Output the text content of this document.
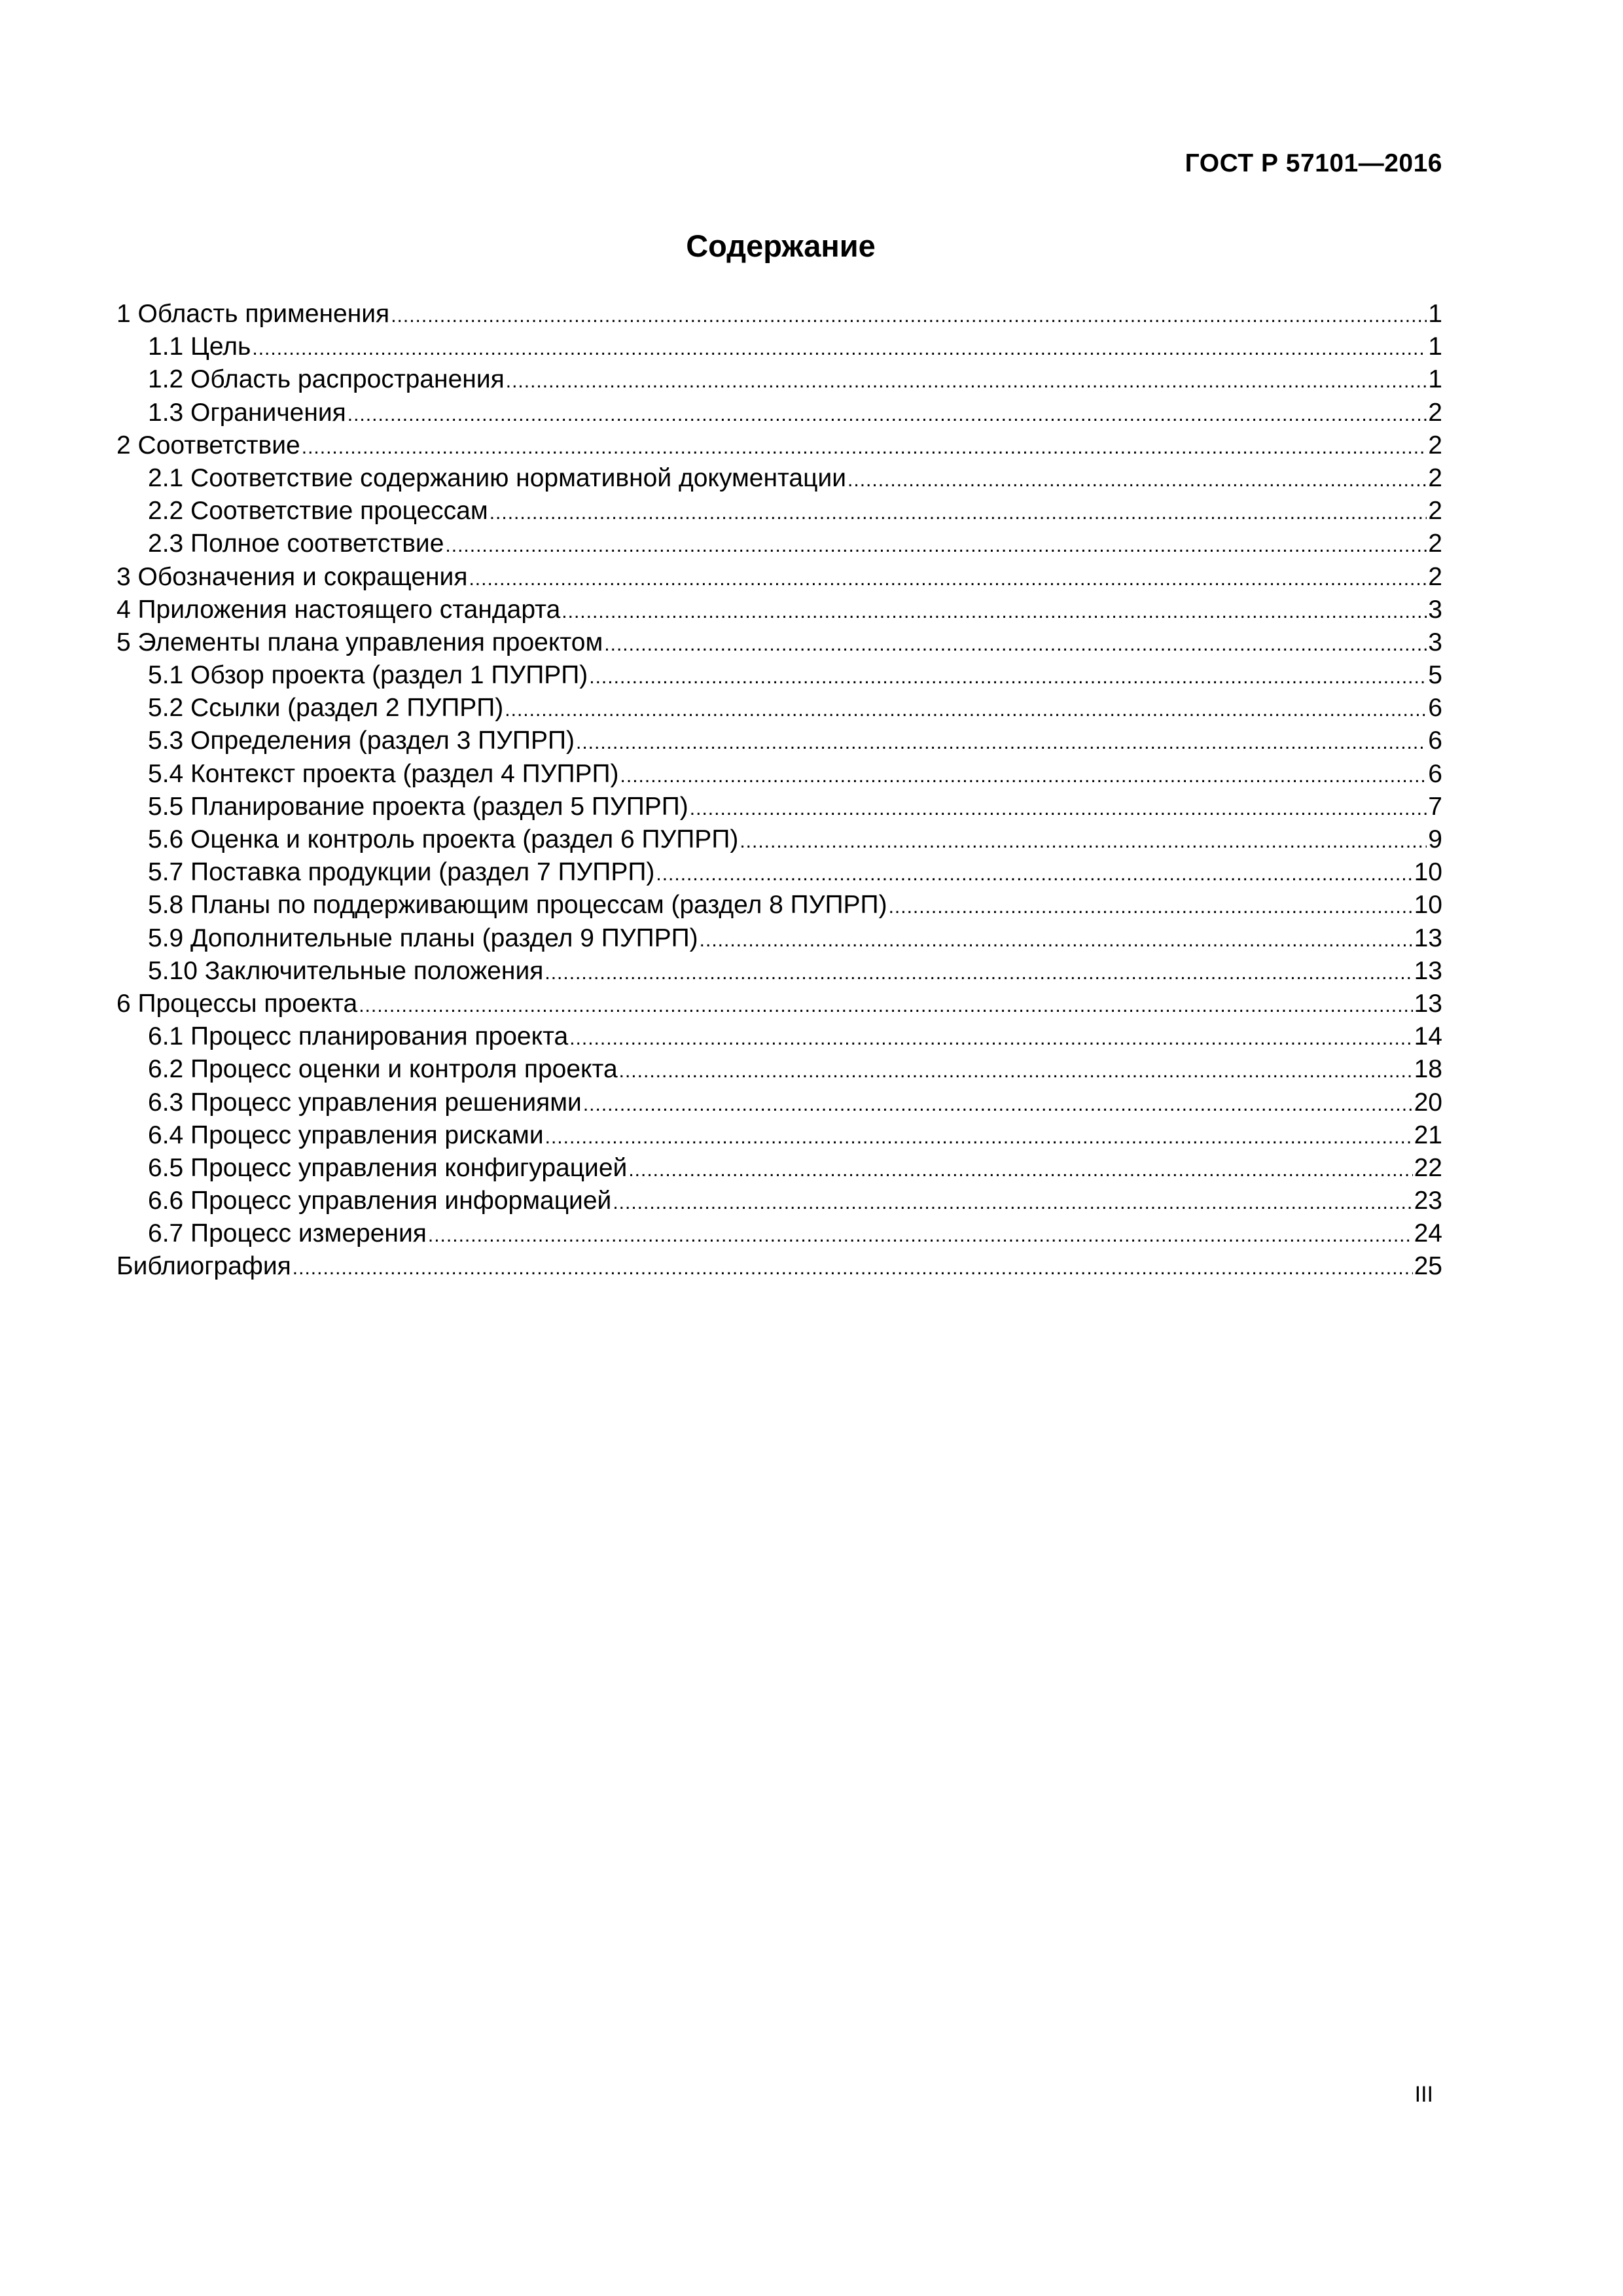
ГОСТ Р 57101—2016
Содержание
1 Область применения .....	1
1.1 Цель .....	1
1.2 Область распространения .....	1
1.3 Ограничения .....	2
2 Соответствие .....	2
2.1 Соответствие содержанию нормативной документации .....	2
2.2 Соответствие процессам .....	2
2.3 Полное соответствие .....	2
3 Обозначения и сокращения .....	2
4 Приложения настоящего стандарта .....	3
5 Элементы плана управления проектом .....	3
5.1 Обзор проекта (раздел 1 ПУПРП) .....	5
5.2 Ссылки (раздел 2 ПУПРП) .....	6
5.3 Определения (раздел 3 ПУПРП) .....	6
5.4 Контекст проекта (раздел 4 ПУПРП) .....	6
5.5 Планирование проекта (раздел 5 ПУПРП) .....	7
5.6 Оценка и контроль проекта (раздел 6 ПУПРП) .....	9
5.7 Поставка продукции (раздел 7 ПУПРП) .....	10
5.8 Планы по поддерживающим процессам (раздел 8 ПУПРП) .....	10
5.9 Дополнительные планы (раздел 9 ПУПРП) .....	13
5.10 Заключительные положения .....	13
6 Процессы проекта .....	13
6.1 Процесс планирования проекта .....	14
6.2 Процесс оценки и контроля проекта .....	18
6.3 Процесс управления решениями .....	20
6.4 Процесс управления рисками .....	21
6.5 Процесс управления конфигурацией .....	22
6.6 Процесс управления информацией .....	23
6.7 Процесс измерения .....	24
Библиография .....	25
III
